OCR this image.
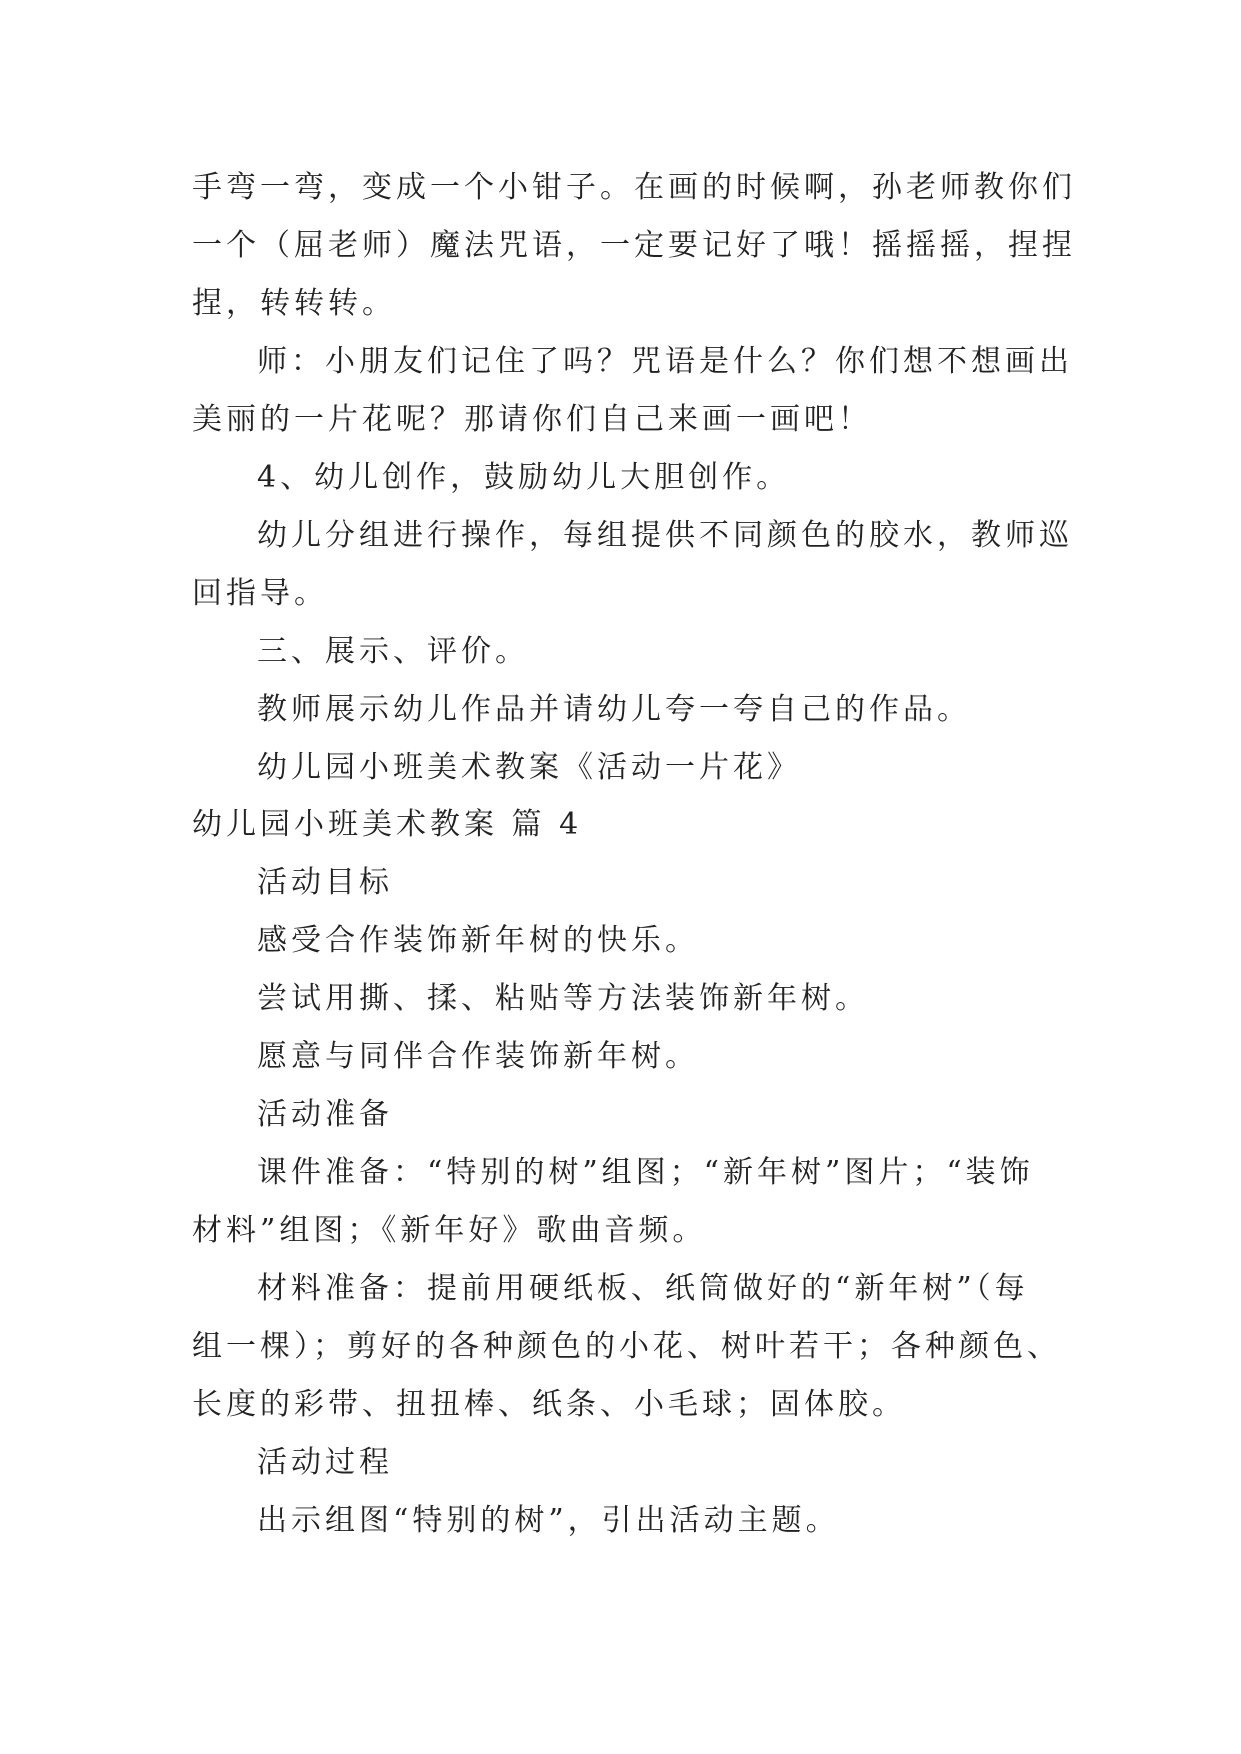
手弯一弯，变成一个小钳子。在画的时候啊，孙老师教你们

一个（屈老师）魔法咒语，一定要记好了哦！摇摇摇，捏捏

捏，转转转。

师：小朋友们记住了吗？咒语是什么？你们想不想画出

美丽的一片花呢？那请你们自己来画一画吧！

4、幼儿创作，鼓励幼儿大胆创作。

幼儿分组进行操作，每组提供不同颜色的胶水，教师巡

回指导。

三、展示、评价。

教师展示幼儿作品并请幼儿夸一夸自己的作品。

幼儿园小班美术教案《活动一片花》

幼儿园小班美术教案 篇 4

活动目标

感受合作装饰新年树的快乐。

尝试用撕、揉、粘贴等方法装饰新年树。

愿意与同伴合作装饰新年树。

活动准备

课件准备：“特别的树”组图；“新年树”图片；“装饰

材料”组图；《新年好》歌曲音频。

材料准备：提前用硬纸板、纸筒做好的“新年树”（每

组一棵）；剪好的各种颜色的小花、树叶若干；各种颜色、

长度的彩带、扭扭棒、纸条、小毛球；固体胶。

活动过程

出示组图“特别的树”，引出活动主题。
